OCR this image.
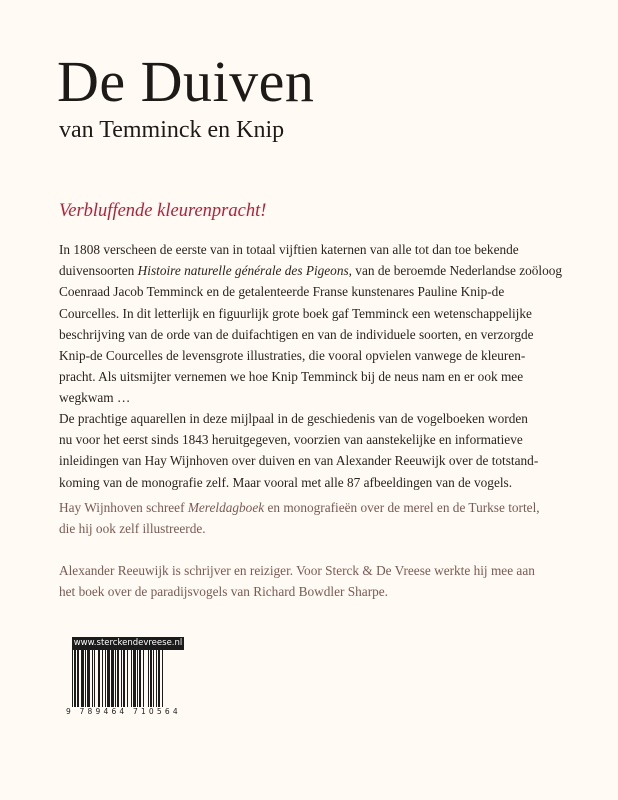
De Duiven
van Temminck en Knip
Verbluffende kleurenpracht!
In 1808 verscheen de eerste van in totaal vijftien katernen van alle tot dan toe bekende
duivensoorten Histoire naturelle générale des Pigeons, van de beroemde Nederlandse zoöloog
Coenraad Jacob Temminck en de getalenteerde Franse kunstenares Pauline Knip-de
Courcelles. In dit letterlijk en figuurlijk grote boek gaf Temminck een wetenschappelijke
beschrijving van de orde van de duifachtigen en van de individuele soorten, en verzorgde
Knip-de Courcelles de levensgrote illustraties, die vooral opvielen vanwege de kleuren-
pracht. Als uitsmijter vernemen we hoe Knip Temminck bij de neus nam en er ook mee
wegkwam …
De prachtige aquarellen in deze mijlpaal in de geschiedenis van de vogelboeken worden
nu voor het eerst sinds 1843 heruitgegeven, voorzien van aanstekelijke en informatieve
inleidingen van Hay Wijnhoven over duiven en van Alexander Reeuwijk over de totstand-
koming van de monografie zelf. Maar vooral met alle 87 afbeeldingen van de vogels.
Hay Wijnhoven schreef Mereldagboek en monografieën over de merel en de Turkse tortel,
die hij ook zelf illustreerde.
Alexander Reeuwijk is schrijver en reiziger. Voor Sterck & De Vreese werkte hij mee aan
het boek over de paradijsvogels van Richard Bowdler Sharpe.
www.sterckendevreese.nl
9 789464 710564
